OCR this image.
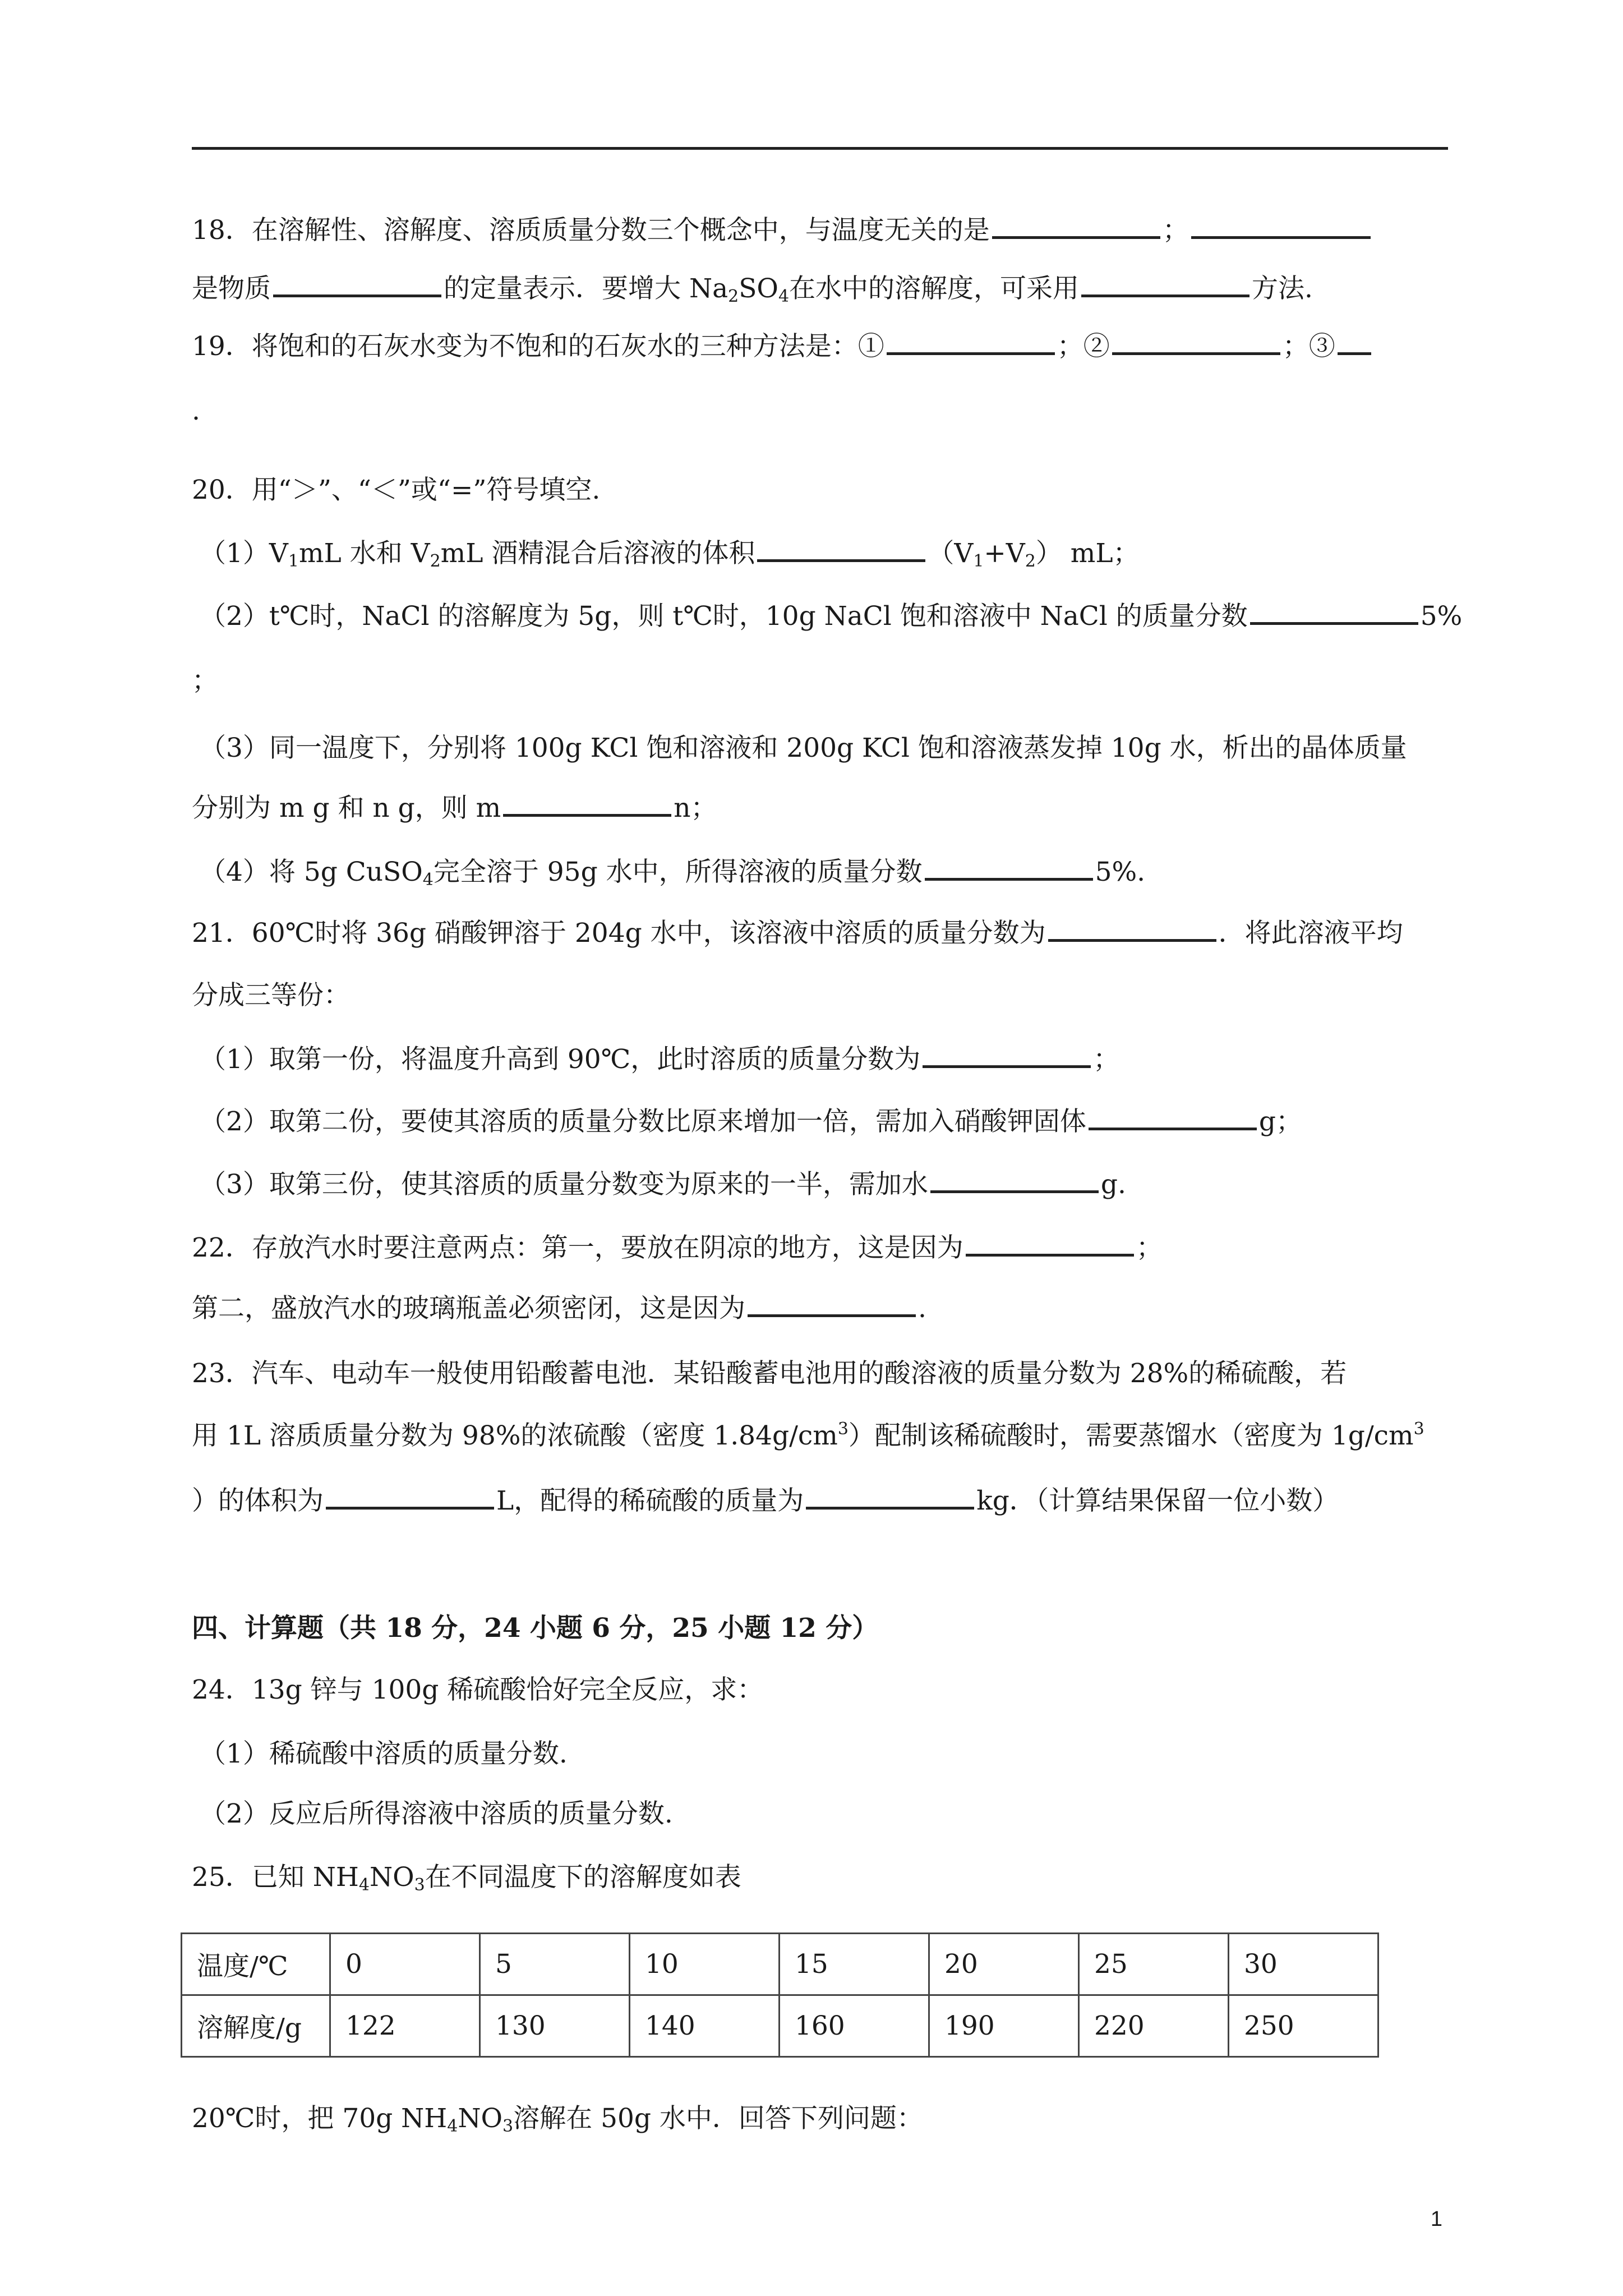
18．在溶解性、溶解度、溶质质量分数三个概念中，与温度无关的是	；
是物质	的定量表示．要增大 $Na_2SO_4$在水中的溶解度，可采用	方法.
19．将饱和的石灰水变为不饱和的石灰水的三种方法是：①	；②	；③
.
20．用“＞”、“＜”或“=”符号填空.
$(1)V_1mL$ 水和 $V_2mL$ 酒精混合后溶液的体积	$(V_1+V_2)$ mL；
（2）t℃时，NaCl 的溶解度为 5g，则 t℃时，10g NaCl 饱和溶液中 NaCl 的质量分数	5%
；
（3）同一温度下，分别将 100g KCl 饱和溶液和 200g KCl 饱和溶液蒸发掉 10g 水，析出的晶体质量
分别为 m g 和 n g，则 m	n；
（4）将 5g CuSO$_4$完全溶于 95g 水中，所得溶液的质量分数	5%.
21．60℃时将 36g 硝酸钾溶于 204g 水中，该溶液中溶质的质量分数为	．将此溶液平均
分成三等份：
（1）取第一份，将温度升高到 90℃，此时溶质的质量分数为	；
（2）取第二份，要使其溶质的质量分数比原来增加一倍，需加入硝酸钾固体	g；
（3）取第三份，使其溶质的质量分数变为原来的一半，需加水	g.
22．存放汽水时要注意两点：第一，要放在阴凉的地方，这是因为	；
第二，盛放汽水的玻璃瓶盖必须密闭，这是因为	.
23．汽车、电动车一般使用铅酸蓄电池．某铅酸蓄电池用的酸溶液的质量分数为 28%的稀硫酸，若
用 1L 溶质质量分数为 98%的浓硫酸（密度 $1.84g/cm^3$）配制该稀硫酸时，需要蒸馏水（密度为 $1g/cm^3$
）的体积为	L，配得的稀硫酸的质量为	kg．（计算结果保留一位小数）
四、计算题（共 18 分，24 小题 6 分，25 小题 12 分）
24．13g 锌与 100g 稀硫酸恰好完全反应，求：
（1）稀硫酸中溶质的质量分数.
（2）反应后所得溶液中溶质的质量分数.
25．已知 $NH_4NO_3$在不同温度下的溶解度如表
温度/℃	0	5	10	15	20	25	30
溶解度/g	122	130	140	160	190	220	250
20℃时，把 70g $NH_4NO_3$溶解在 50g 水中．回答下列问题：
1
